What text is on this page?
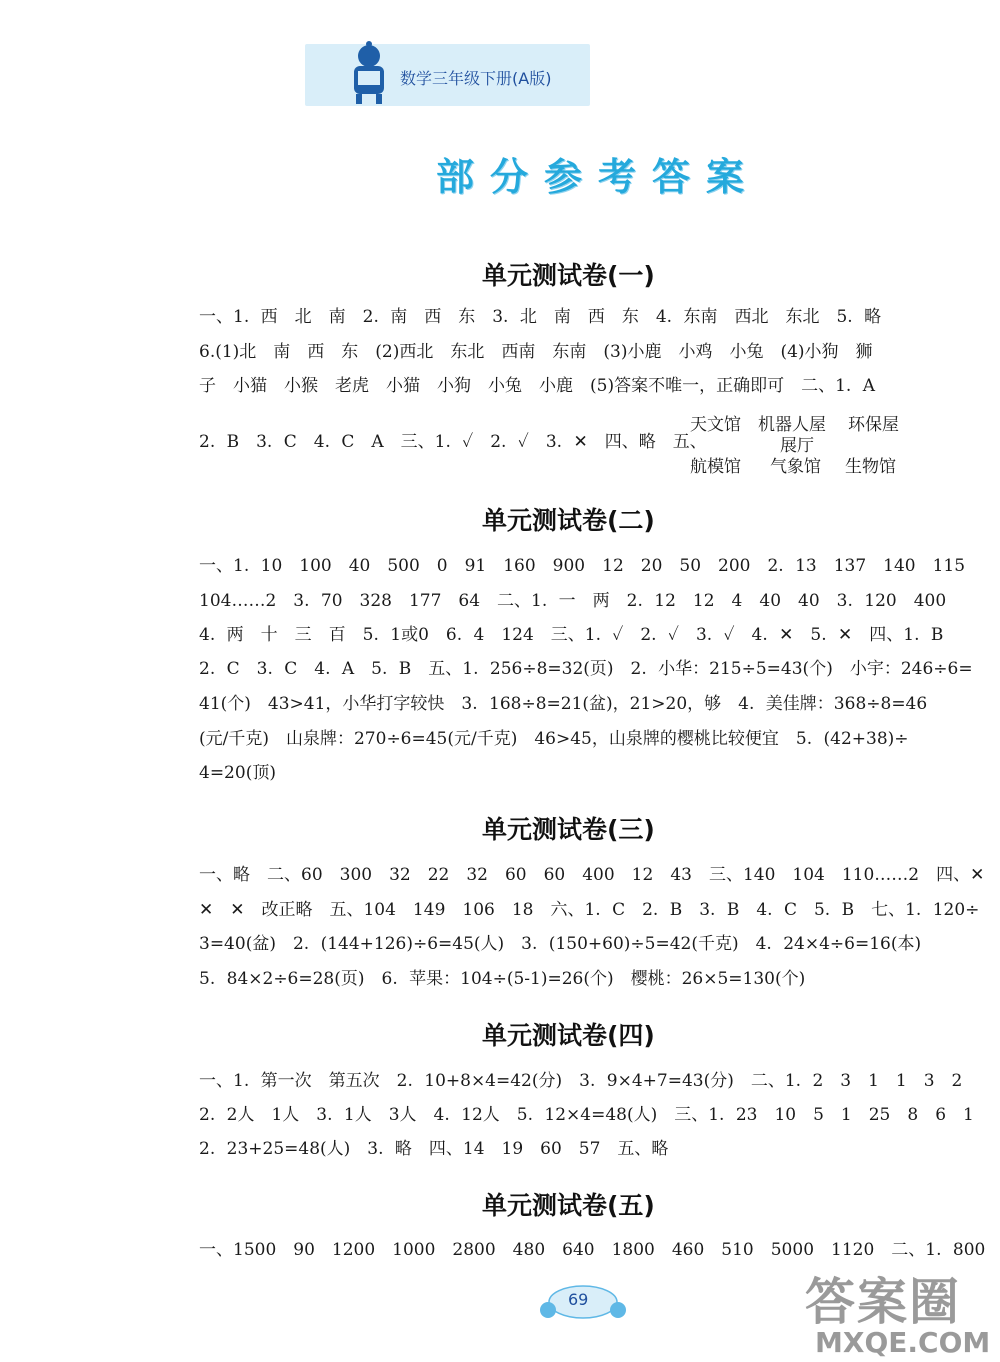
数学三年级下册(A版)
部分参考答案
单元测试卷(一)
一、1. 西　北　南　2. 南　西　东　3. 北　南　西　东　4. 东南　西北　东北　5. 略
6.(1)北　南　西　东　(2)西北　东北　西南　东南　(3)小鹿　小鸡　小兔　(4)小狗　狮
子　小猫　小猴　老虎　小猫　小狗　小兔　小鹿　(5)答案不唯一，正确即可　二、1. A
2. B　3. C　4. C　A　三、1. ✓　2. ✓　3. ✕　四、略　五、
天文馆 机器人屋 环保屋
展厅
航模馆 气象馆 生物馆
单元测试卷(二)
一、1. 10　100　40　500　0　91　160　900　12　20　50　200　2. 13　137　140　115
104……2　3. 70　328　177　64　二、1. 一　两　2. 12　12　4　40　40　3. 120　400
4. 两　十　三　百　5. 1或0　6. 4　124　三、1. ✓　2. ✓　3. ✓　4. ✕　5. ✕　四、1. B
2. C　3. C　4. A　5. B　五、1. 256÷8=32(页)　2. 小华：215÷5=43(个)　小宇：246÷6=
41(个)　43>41，小华打字较快　3. 168÷8=21(盆)，21>20，够　4. 美佳牌：368÷8=46
(元/千克)　山泉牌：270÷6=45(元/千克)　46>45，山泉牌的樱桃比较便宜　5. (42+38)÷
4=20(顶)
单元测试卷(三)
一、略　二、60　300　32　22　32　60　60　400　12　43　三、140　104　110……2　四、✕
✕　✕　改正略　五、104　149　106　18　六、1. C　2. B　3. B　4. C　5. B　七、1. 120÷
3=40(盆)　2. (144+126)÷6=45(人)　3. (150+60)÷5=42(千克)　4. 24×4÷6=16(本)
5. 84×2÷6=28(页)　6. 苹果：104÷(5-1)=26(个)　樱桃：26×5=130(个)
单元测试卷(四)
一、1. 第一次　第五次　2. 10+8×4=42(分)　3. 9×4+7=43(分)　二、1. 2　3　1　1　3　2
2. 2人　1人　3. 1人　3人　4. 12人　5. 12×4=48(人)　三、1. 23　10　5　1　25　8　6　1
2. 23+25=48(人)　3. 略　四、14　19　60　57　五、略
单元测试卷(五)
一、1500　90　1200　1000　2800　480　640　1800　460　510　5000　1120　二、1. 800
69	答案圈
MXQE.COM
